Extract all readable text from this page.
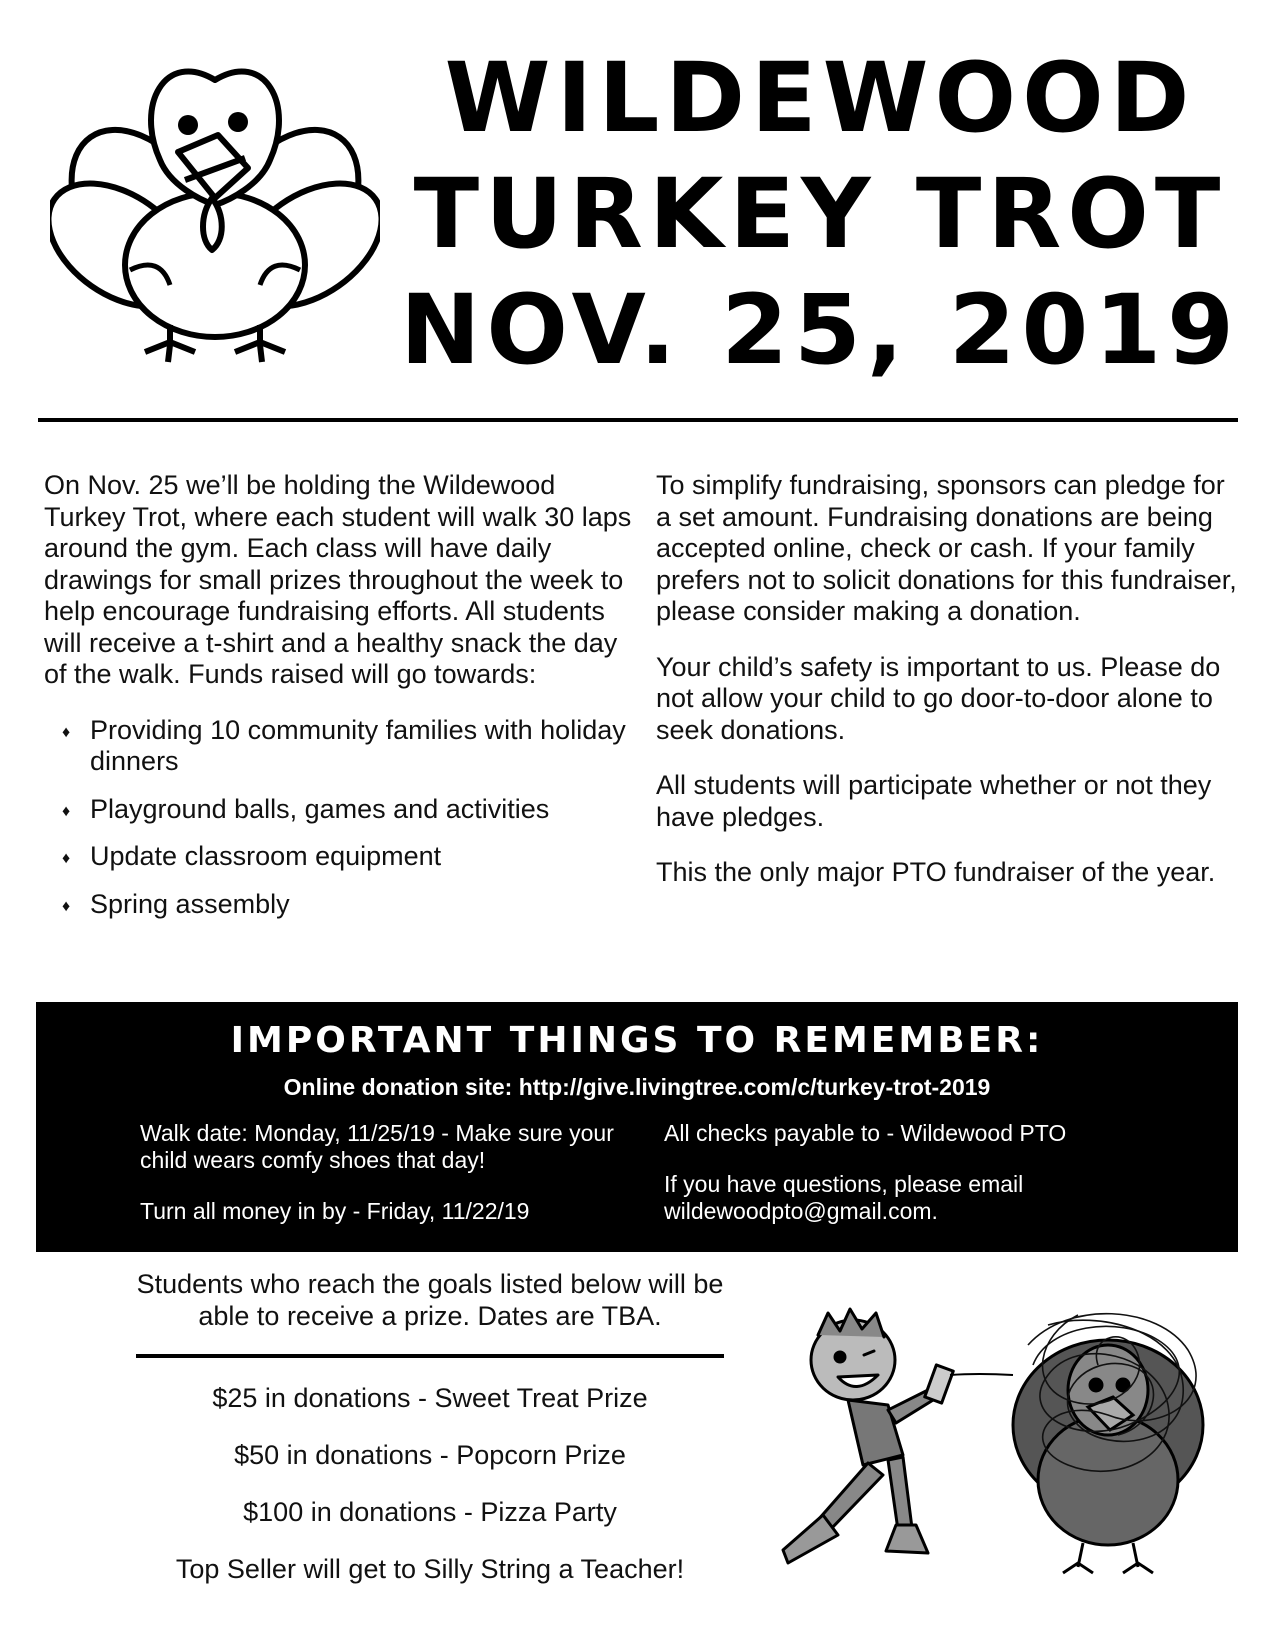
WILDEWOOD
TURKEY TROT
NOV. 25, 2019

On Nov. 25 we’ll be holding the Wildewood Turkey Trot, where each student will walk 30 laps around the gym. Each class will have daily drawings for small prizes throughout the week to help encourage fundraising efforts. All students will receive a t-shirt and a healthy snack the day of the walk. Funds raised will go towards:

♦ Providing 10 community families with holiday dinners
♦ Playground balls, games and activities
♦ Update classroom equipment
♦ Spring assembly

To simplify fundraising, sponsors can pledge for a set amount. Fundraising donations are being accepted online, check or cash. If your family prefers not to solicit donations for this fundraiser, please consider making a donation.

Your child’s safety is important to us. Please do not allow your child to go door-to-door alone to seek donations.

All students will participate whether or not they have pledges.

This the only major PTO fundraiser of the year.

IMPORTANT THINGS TO REMEMBER:
Online donation site: http://give.livingtree.com/c/turkey-trot-2019

Walk date: Monday, 11/25/19 - Make sure your child wears comfy shoes that day!

Turn all money in by - Friday, 11/22/19

All checks payable to - Wildewood PTO

If you have questions, please email wildewoodpto@gmail.com.

Students who reach the goals listed below will be able to receive a prize. Dates are TBA.
$25 in donations - Sweet Treat Prize
$50 in donations - Popcorn Prize
$100 in donations - Pizza Party
Top Seller will get to Silly String a Teacher!
